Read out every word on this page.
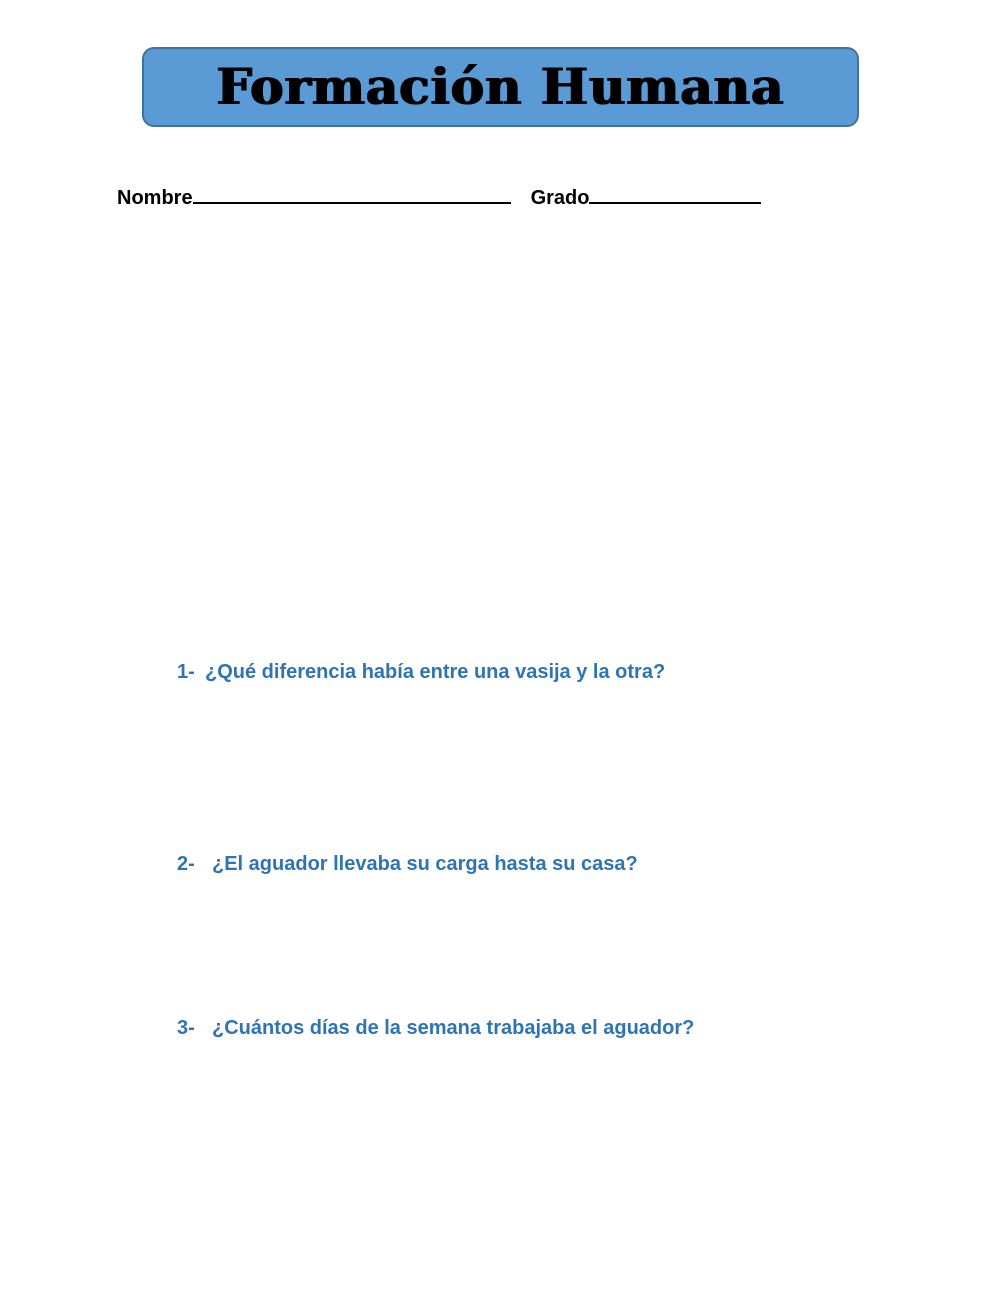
Formación Humana
Nombre	Grado
1- ¿Qué diferencia había entre una vasija y la otra?
2- ¿El aguador llevaba su carga hasta su casa?
3- ¿Cuántos días de la semana trabajaba el aguador?
